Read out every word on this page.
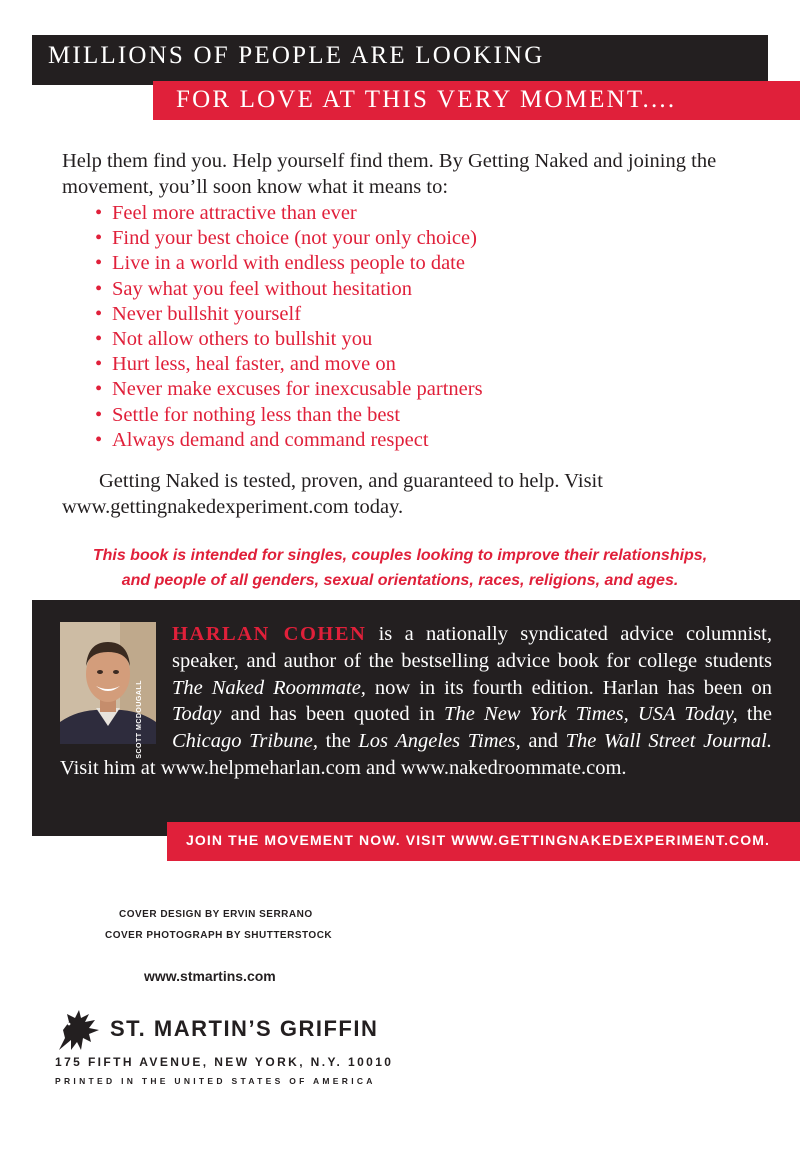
MILLIONS OF PEOPLE ARE LOOKING
FOR LOVE AT THIS VERY MOMENT....

Help them find you. Help yourself find them. By Getting Naked and joining the movement, you’ll soon know what it means to:

• Feel more attractive than ever
• Find your best choice (not your only choice)
• Live in a world with endless people to date
• Say what you feel without hesitation
• Never bullshit yourself
• Not allow others to bullshit you
• Hurt less, heal faster, and move on
• Never make excuses for inexcusable partners
• Settle for nothing less than the best
• Always demand and command respect

Getting Naked is tested, proven, and guaranteed to help. Visit www.gettingnakedexperiment.com today.

This book is intended for singles, couples looking to improve their relationships,
and people of all genders, sexual orientations, races, religions, and ages.

SCOTT MCDOUGALL

HARLAN COHEN is a nationally syndicated advice columnist, speaker, and author of the bestselling advice book for college students The Naked Roommate, now in its fourth edition. Harlan has been on Today and has been quoted in The New York Times, USA Today, the Chicago Tribune, the Los Angeles Times, and The Wall Street Journal. Visit him at www.helpmeharlan.com and www.nakedroommate.com.

JOIN THE MOVEMENT NOW. VISIT WWW.GETTINGNAKEDEXPERIMENT.COM.
COVER DESIGN BY ERVIN SERRANO
COVER PHOTOGRAPH BY SHUTTERSTOCK
www.stmartins.com
ST. MARTIN’S GRIFFIN
175 FIFTH AVENUE, NEW YORK, N.Y. 10010
PRINTED IN THE UNITED STATES OF AMERICA
